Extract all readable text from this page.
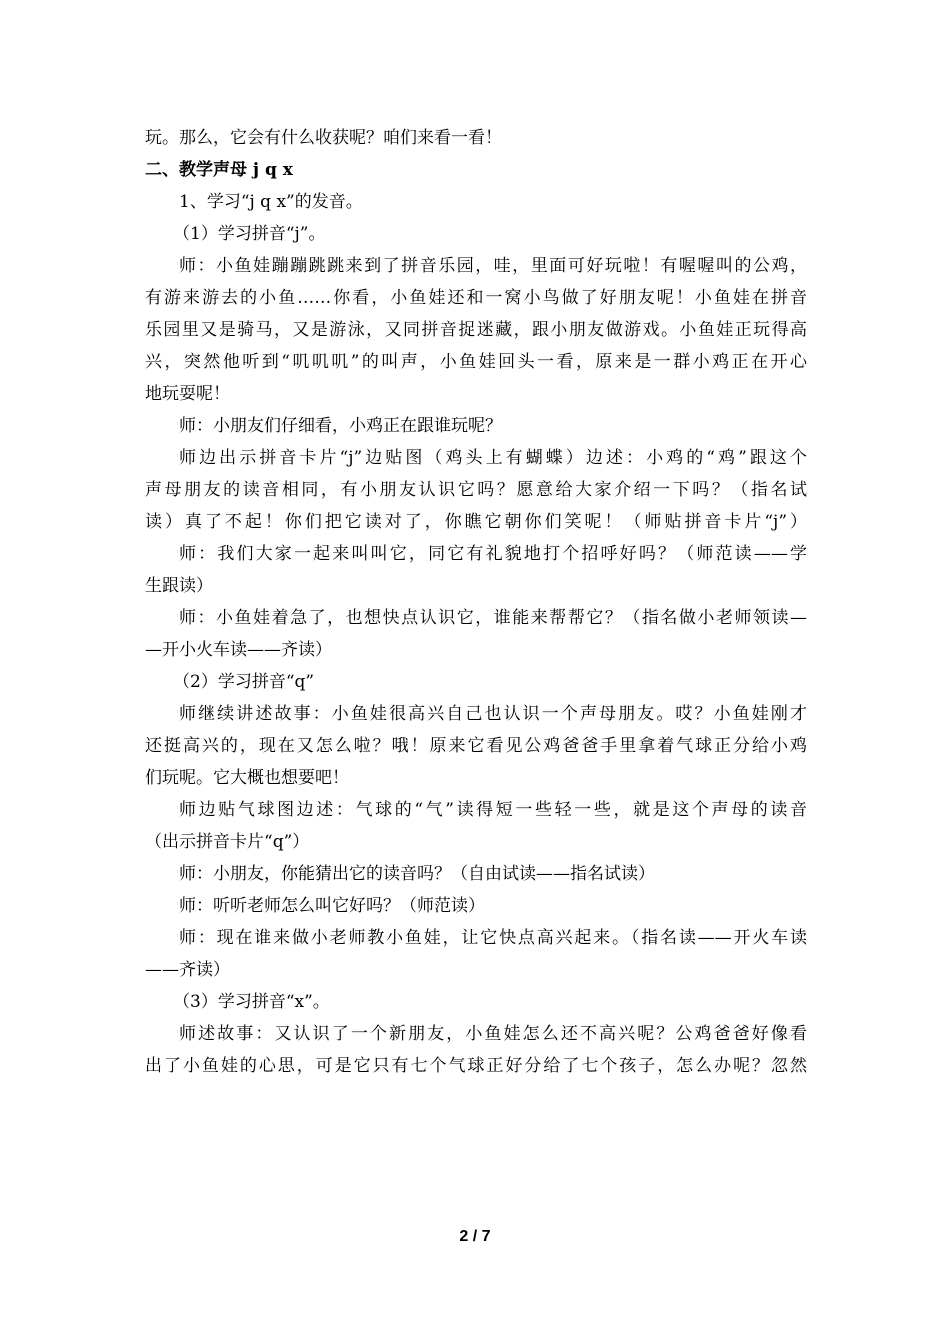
玩。那么，它会有什么收获呢？咱们来看一看！

二、教学声母 j q x

1、学习“j q x”的发音。

（1）学习拼音“j”。

师：小鱼娃蹦蹦跳跳来到了拼音乐园，哇，里面可好玩啦！有喔喔叫的公鸡，

有游来游去的小鱼……你看，小鱼娃还和一窝小鸟做了好朋友呢！小鱼娃在拼音

乐园里又是骑马，又是游泳，又同拼音捉迷藏，跟小朋友做游戏。小鱼娃正玩得高

兴，突然他听到“叽叽叽”的叫声，小鱼娃回头一看，原来是一群小鸡正在开心

地玩耍呢！

师：小朋友们仔细看，小鸡正在跟谁玩呢？

师边出示拼音卡片“j”边贴图（鸡头上有蝴蝶）边述：小鸡的“鸡”跟这个

声母朋友的读音相同，有小朋友认识它吗？愿意给大家介绍一下吗？（指名试

读）真了不起！你们把它读对了，你瞧它朝你们笑呢！（师贴拼音卡片“j”）

师：我们大家一起来叫叫它，同它有礼貌地打个招呼好吗？（师范读——学

生跟读）

师：小鱼娃着急了，也想快点认识它，谁能来帮帮它？（指名做小老师领读—

—开小火车读——齐读）

（2）学习拼音“q”

师继续讲述故事：小鱼娃很高兴自己也认识一个声母朋友。哎？小鱼娃刚才

还挺高兴的，现在又怎么啦？哦！原来它看见公鸡爸爸手里拿着气球正分给小鸡

们玩呢。它大概也想要吧！

师边贴气球图边述：气球的“气”读得短一些轻一些，就是这个声母的读音

（出示拼音卡片“q”）

师：小朋友，你能猜出它的读音吗？（自由试读——指名试读）

师：听听老师怎么叫它好吗？（师范读）

师：现在谁来做小老师教小鱼娃，让它快点高兴起来。（指名读——开火车读

——齐读）

（3）学习拼音“x”。

师述故事：又认识了一个新朋友，小鱼娃怎么还不高兴呢？公鸡爸爸好像看

出了小鱼娃的心思，可是它只有七个气球正好分给了七个孩子，怎么办呢？忽然

2 / 7
